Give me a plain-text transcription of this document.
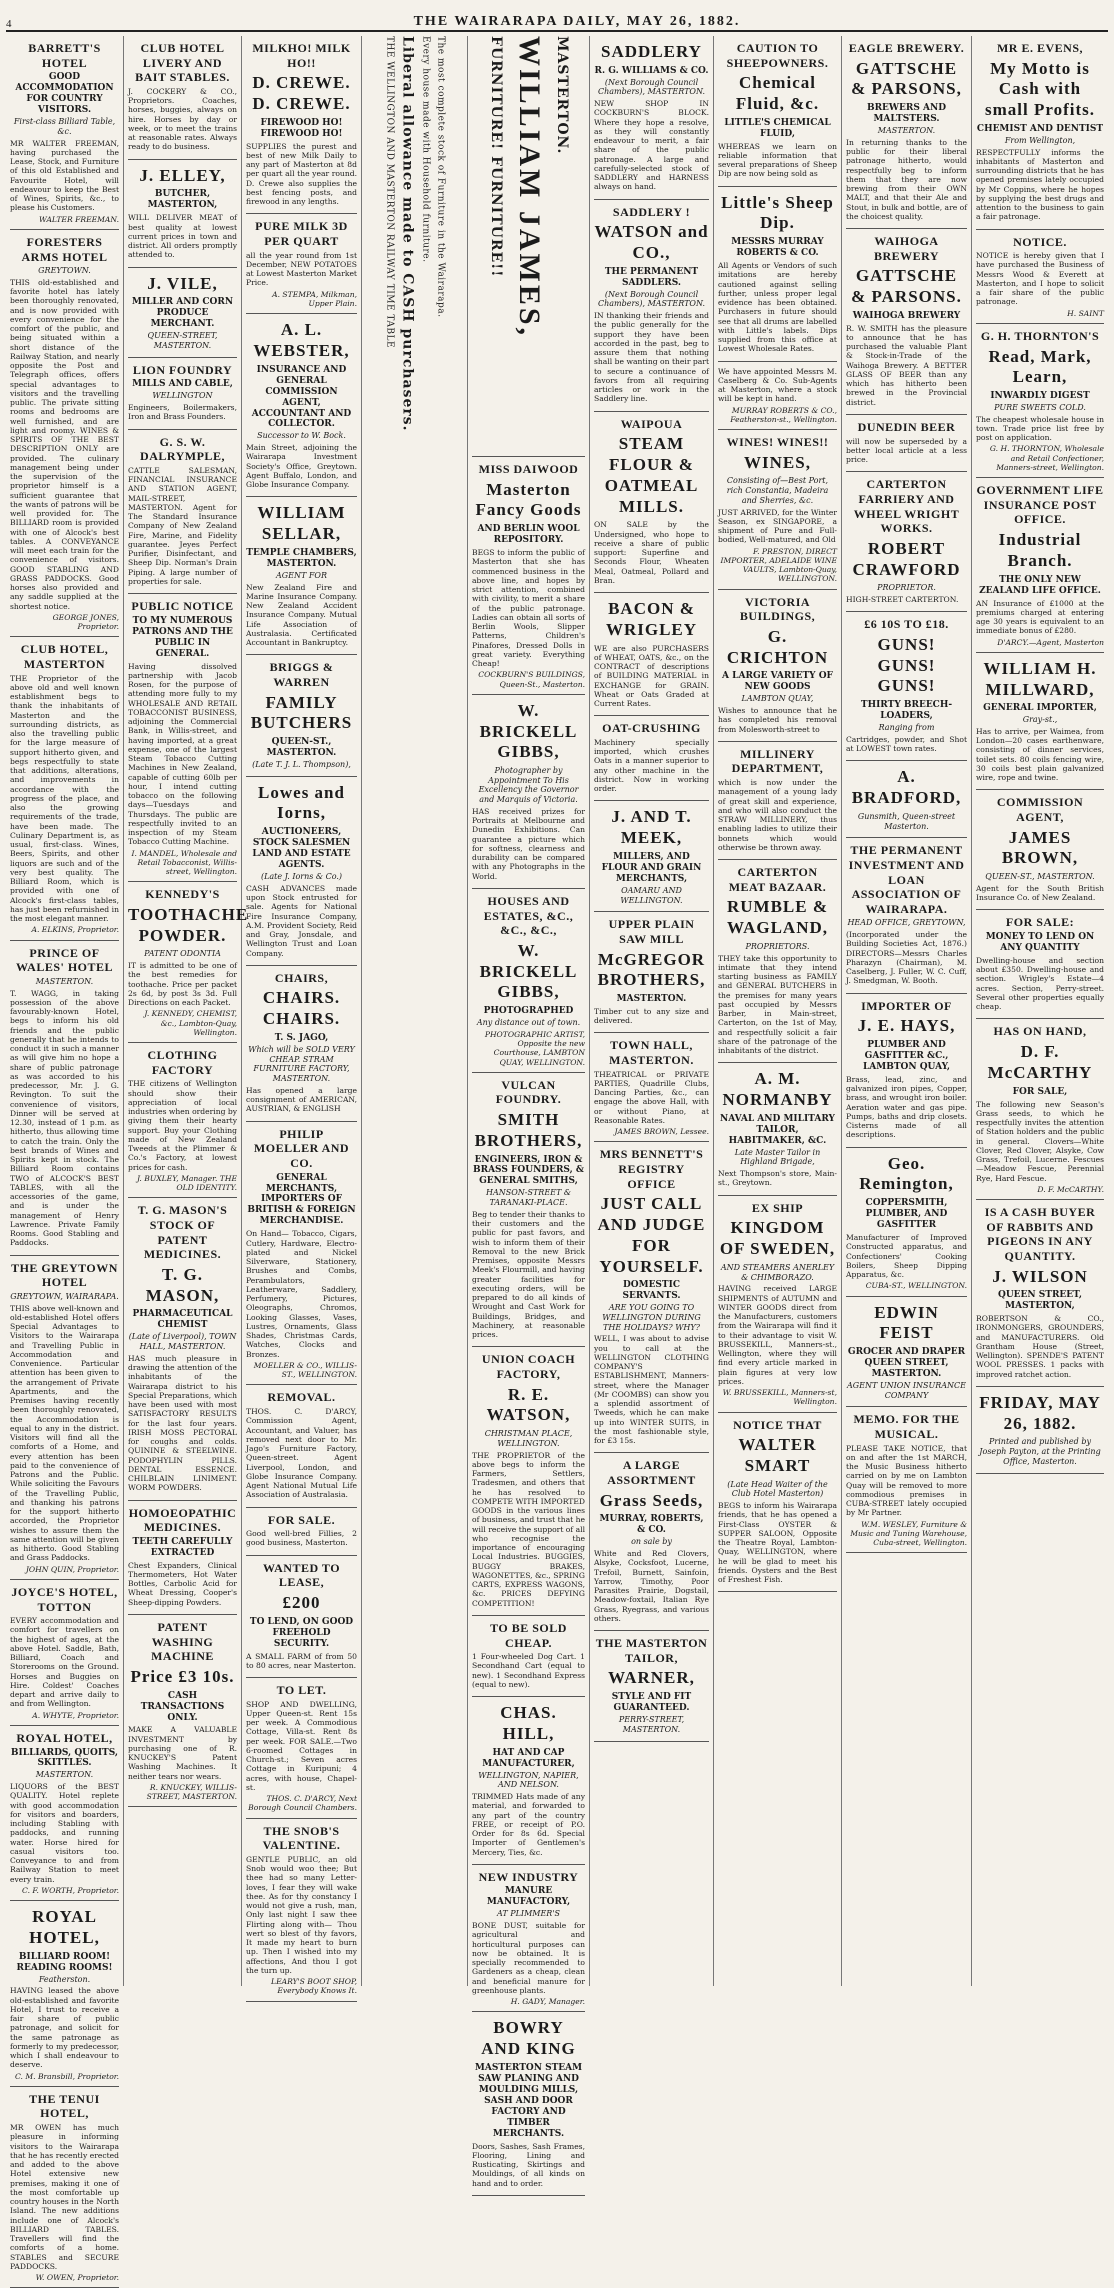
4	THE WAIRARAPA DAILY, MAY 26, 1882.
BARRETT'S HOTEL
GOOD ACCOMMODATION FOR COUNTRY VISITORS.
First-class Billiard Table, &c.
MR WALTER FREEMAN, having purchased the Lease, Stock, and Furniture of this old Established and Favourite Hotel, will endeavour to keep the Best of Wines, Spirits, &c., to please his Customers.
WALTER FREEMAN.
FORESTERS ARMS HOTEL
GREYTOWN.
THIS old-established and favorite hotel has lately been thoroughly renovated, and is now provided with every convenience for the comfort of the public, and being situated within a short distance of the Railway Station, and nearly opposite the Post and Telegraph offices, offers special advantages to visitors and the travelling public. The private sitting rooms and bedrooms are well furnished, and are light and roomy. WINES & SPIRITS OF THE BEST DESCRIPTION ONLY are provided. The culinary management being under the supervision of the proprietor himself is a sufficient guarantee that the wants of patrons will be well provided for. The BILLIARD room is provided with one of Alcock's best tables. A CONVEYANCE will meet each train for the convenience of visitors. GOOD STABLING AND GRASS PADDOCKS. Good horses also provided and any saddle supplied at the shortest notice.
GEORGE JONES, Proprietor.
CLUB HOTEL, MASTERTON
THE Proprietor of the above old and well known establishment begs to thank the inhabitants of Masterton and the surrounding districts, as also the travelling public for the large measure of support hitherto given, and begs respectfully to state that additions, alterations, and improvements in accordance with the progress of the place, and also the growing requirements of the trade, have been made. The Culinary Department is, as usual, first-class. Wines, Beers, Spirits, and other liquors are such and of the very best quality. The Billiard Room, which is provided with one of Alcock's first-class tables, has just been refurnished in the most elegant manner.
A. ELKINS, Proprietor.
PRINCE OF WALES' HOTEL
MASTERTON.
T. WAGG, in taking possession of the above favourably-known Hotel, begs to inform his old friends and the public generally that he intends to conduct it in such a manner as will give him no hope a share of public patronage as was accorded to his predecessor, Mr. J. G. Revington. To suit the convenience of visitors, Dinner will be served at 12.30, instead of 1 p.m. as hitherto, thus allowing time to catch the train. Only the best brands of Wines and Spirits kept in stock. The Billiard Room contains TWO of ALCOCK'S BEST TABLES, with all the accessories of the game, and is under the management of Henry Lawrence. Private Family Rooms. Good Stabling and Paddocks.
THE GREYTOWN HOTEL
GREYTOWN, WAIRARAPA.
THIS above well-known and old-established Hotel offers Special Advantages to Visitors to the Wairarapa and Travelling Public in Accommodation and Convenience. Particular attention has been given to the arrangement of Private Apartments, and the Premises having recently been thoroughly renovated, the Accommodation is equal to any in the district. Visitors will find all the comforts of a Home, and every attention has been paid to the convenience of Patrons and the Public. While soliciting the Favours of the Travelling Public, and thanking his patrons for the support hitherto accorded, the Proprietor wishes to assure them the same attention will be given as hitherto. Good Stabling and Grass Paddocks.
JOHN QUIN, Proprietor.
JOYCE'S HOTEL, TOTTON
EVERY accommodation and comfort for travellers on the highest of ages, at the above Hotel. Saddle, Bath, Billiard, Coach and Storerooms on the Ground. Horses and Buggies on Hire. Coldest' Coaches depart and arrive daily to and from Wellington.
A. WHYTE, Proprietor.
ROYAL HOTEL,
BILLIARDS, QUOITS, SKITTLES.
MASTERTON.
LIQUORS of the BEST QUALITY. Hotel replete with good accommodation for visitors and boarders, including Stabling with paddocks, and running water. Horse hired for casual visitors too. Conveyance to and from Railway Station to meet every train.
C. F. WORTH, Proprietor.
ROYAL HOTEL,
BILLIARD ROOM! READING ROOMS!
Featherston.
HAVING leased the above old-established and favorite Hotel, I trust to receive a fair share of public patronage, and solicit for the same patronage as formerly to my predecessor, which I shall endeavour to deserve.
C. M. Bransbill, Proprietor.
THE TENUI HOTEL,
MR OWEN has much pleasure in informing visitors to the Wairarapa that he has recently erected and added to the above Hotel extensive new premises, making it one of the most comfortable up country houses in the North Island. The new additions include one of Alcock's BILLIARD TABLES. Travellers will find the comforts of a home. STABLES and SECURE PADDOCKS.
W. OWEN, Proprietor.
CLUB HOTEL LIVERY AND BAIT STABLES.
J. COCKERY & CO., Proprietors. Coaches, horses, buggies, always on hire. Horses by day or week, or to meet the trains at reasonable rates. Always ready to do business.
J. ELLEY,
BUTCHER, MASTERTON,
WILL DELIVER MEAT of best quality at lowest current prices in town and district. All orders promptly attended to.
J. VILE,
MILLER AND CORN PRODUCE MERCHANT.
QUEEN-STREET, MASTERTON.
LION FOUNDRY
MILLS AND CABLE,
WELLINGTON
Engineers, Boilermakers, Iron and Brass Founders.
G. S. W. DALRYMPLE,
CATTLE SALESMAN, FINANCIAL INSURANCE AND STATION AGENT, MAIL-STREET, MASTERTON. Agent for The Standard Insurance Company of New Zealand Fire, Marine, and Fidelity guarantee. Jeyes Perfect Purifier, Disinfectant, and Sheep Dip. Norman's Drain Piping. A large number of properties for sale.
PUBLIC NOTICE
TO MY NUMEROUS PATRONS AND THE PUBLIC IN GENERAL.
Having dissolved partnership with Jacob Rosen, for the purpose of attending more fully to my WHOLESALE AND RETAIL TOBACCONIST BUSINESS, adjoining the Commercial Bank, in Willis-street, and having imported, at a great expense, one of the largest Steam Tobacco Cutting Machines in New Zealand, capable of cutting 60lb per hour, I intend cutting tobacco on the following days—Tuesdays and Thursdays. The public are respectfully invited to an inspection of my Steam Tobacco Cutting Machine.
I. MANDEL, Wholesale and Retail Tobacconist, Willis-street, Wellington.
KENNEDY'S
TOOTHACHE POWDER.
PATENT ODONTIA
IT is admitted to be one of the best remedies for toothache. Price per packet 2s 6d, by post 3s 3d. Full Directions on each Packet.
J. KENNEDY, CHEMIST, &c., Lambton-Quay, Wellington.
CLOTHING FACTORY
THE citizens of Wellington should show their appreciation of local industries when ordering by giving them their hearty support. Buy your Clothing made of New Zealand Tweeds at the Plimmer & Co.'s Factory, at lowest prices for cash.
J. BUXLEY, Manager. THE OLD IDENTITY.
T. G. MASON'S STOCK OF PATENT MEDICINES.
T. G. MASON,
PHARMACEUTICAL CHEMIST
(Late of Liverpool), TOWN HALL, MASTERTON.
HAS much pleasure in drawing the attention of the inhabitants of the Wairarapa district to his Special Preparations, which have been used with most SATISFACTORY RESULTS for the last four years. IRISH MOSS PECTORAL for coughs and colds. QUININE & STEELWINE. PODOPHYLIN PILLS. DENTAL ESSENCE. CHILBLAIN LINIMENT. WORM POWDERS.
HOMOEOPATHIC MEDICINES.
TEETH CAREFULLY EXTRACTED
Chest Expanders, Clinical Thermometers, Hot Water Bottles, Carbolic Acid for Wheat Dressing, Cooper's Sheep-dipping Powders.
PATENT WASHING MACHINE
Price £3 10s.
CASH TRANSACTIONS ONLY.
MAKE A VALUABLE INVESTMENT by purchasing one of R. KNUCKEY'S Patent Washing Machines. It neither tears nor wears.
R. KNUCKEY, WILLIS-STREET, MASTERTON.
MILKHO! MILK HO!!
D. CREWE. D. CREWE.
FIREWOOD HO! FIREWOOD HO!
SUPPLIES the purest and best of new Milk Daily to any part of Masterton at 8d per quart all the year round. D. Crewe also supplies the best fencing posts, and firewood in any lengths.
PURE MILK 3D PER QUART
all the year round from 1st December, NEW POTATOES at Lowest Masterton Market Price.
A. STEMPA, Milkman, Upper Plain.
A. L. WEBSTER,
INSURANCE AND GENERAL COMMISSION AGENT, ACCOUNTANT AND COLLECTOR.
Successor to W. Bock.
Main Street, adjoining the Wairarapa Investment Society's Office, Greytown. Agent Buffalo, London, and Globe Insurance Company.
WILLIAM SELLAR,
TEMPLE CHAMBERS, MASTERTON.
AGENT FOR
New Zealand Fire and Marine Insurance Company. New Zealand Accident Insurance Company. Mutual Life Association of Australasia. Certificated Accountant in Bankruptcy.
BRIGGS & WARREN
FAMILY BUTCHERS
QUEEN-ST., MASTERTON.
(Late T. J. L. Thompson),
Lowes and Iorns,
AUCTIONEERS, STOCK SALESMEN LAND AND ESTATE AGENTS.
(Late J. Iorns & Co.)
CASH ADVANCES made upon Stock entrusted for sale. Agents for National Fire Insurance Company, A.M. Provident Society, Reid and Gray, Jonsdale, and Wellington Trust and Loan Company.
CHAIRS,
CHAIRS. CHAIRS.
T. S. JAGO,
Which will be SOLD VERY CHEAP. STRAM FURNITURE FACTORY, MASTERTON.
Has opened a large consignment of AMERICAN, AUSTRIAN, & ENGLISH
PHILIP MOELLER AND CO.
GENERAL MERCHANTS, IMPORTERS OF BRITISH & FOREIGN MERCHANDISE.
On Hand— Tobacco, Cigars, Cutlery, Hardware, Electro-plated and Nickel Silverware, Stationery, Brushes and Combs, Perambulators, Leatherware, Saddlery, Perfumery, Pictures, Oleographs, Chromos, Looking Glasses, Vases, Lustres, Ornaments, Glass Shades, Christmas Cards, Watches, Clocks and Bronzes.
MOELLER & CO., WILLIS-ST., WELLINGTON.
REMOVAL.
THOS. C. D'ARCY, Commission Agent, Accountant, and Valuer, has removed next door to Mr. Jago's Furniture Factory, Queen-street. Agent Liverpool, London, and Globe Insurance Company. Agent National Mutual Life Association of Australasia.
FOR SALE.
Good well-bred Fillies, 2 good business, Masterton.
WANTED TO LEASE,
£200
TO LEND, ON GOOD FREEHOLD SECURITY.
A SMALL FARM of from 50 to 80 acres, near Masterton.
TO LET.
SHOP AND DWELLING, Upper Queen-st. Rent 15s per week. A Commodious Cottage, Villa-st. Rent 8s per week. FOR SALE.—Two 6-roomed Cottages in Church-st.; Seven acres Cottage in Kuripuni; 4 acres, with house, Chapel-st.
THOS. C. D'ARCY, Next Borough Council Chambers.
THE SNOB'S VALENTINE.
GENTLE PUBLIC, an old Snob would woo thee; But thee had so many Letter-loves, I fear they will wake thee. As for thy constancy I would not give a rush, man, Only last night I saw thee Flirting along with— Thou wert so blest of thy favors, It made my heart to burn up. Then I wished into my affections, And thou I got the turn up.
LEARY'S BOOT SHOP, Everybody Knows It.
THE WELLINGTON AND MASTERTON RAILWAY TIME TABLE Liberal allowance made to CASH purchasers. Every house made with Household furniture. The most complete stock of Furniture in the Wairarapa.	FURNITURE! FURNITURE!! WILLIAM JAMES, MASTERTON.
MISS DAIWOOD
Masterton Fancy Goods
AND BERLIN WOOL REPOSITORY.
BEGS to inform the public of Masterton that she has commenced business in the above line, and hopes by strict attention, combined with civility, to merit a share of the public patronage. Ladies can obtain all sorts of Berlin Wools, Slipper Patterns, Children's Pinafores, Dressed Dolls in great variety. Everything Cheap!
COCKBURN'S BUILDINGS, Queen-St., Masterton.
W. BRICKELL GIBBS,
Photographer by Appointment To His Excellency the Governor and Marquis of Victoria.
HAS received prizes for Portraits at Melbourne and Dunedin Exhibitions. Can guarantee a picture which for softness, clearness and durability can be compared with any Photographs in the World.
HOUSES AND ESTATES, &C., &C., &C.,
W. BRICKELL GIBBS,
PHOTOGRAPHED
Any distance out of town.
PHOTOGRAPHIC ARTIST, Opposite the new Courthouse, LAMBTON QUAY, WELLINGTON.
VULCAN FOUNDRY.
SMITH BROTHERS,
ENGINEERS, IRON & BRASS FOUNDERS, & GENERAL SMITHS,
HANSON-STREET & TARANAKI-PLACE.
Beg to tender their thanks to their customers and the public for past favors, and wish to inform them of their Removal to the new Brick Premises, opposite Messrs Meek's Flourmill, and having greater facilities for executing orders, will be prepared to do all kinds of Wrought and Cast Work for Buildings, Bridges, and Machinery, at reasonable prices.
UNION COACH FACTORY,
R. E. WATSON,
CHRISTMAN PLACE, WELLINGTON.
THE PROPRIETOR of the above begs to inform the Farmers, Settlers, Tradesmen, and others that he has resolved to COMPETE WITH IMPORTED GOODS in the various lines of business, and trust that he will receive the support of all who recognise the importance of encouraging Local Industries. BUGGIES, BUGGY BRAKES, WAGONETTES, &c., SPRING CARTS, EXPRESS WAGONS, &c. PRICES DEFYING COMPETITION!
TO BE SOLD CHEAP.
1 Four-wheeled Dog Cart. 1 Secondhand Cart (equal to new). 1 Secondhand Express (equal to new).
CHAS. HILL,
HAT AND CAP MANUFACTURER,
WELLINGTON, NAPIER, AND NELSON.
TRIMMED Hats made of any material, and forwarded to any part of the country FREE, or receipt of P.O. Order for 8s 6d. Special Importer of Gentlemen's Mercery, Ties, &c.
NEW INDUSTRY
MANURE MANUFACTORY,
AT PLIMMER'S
BONE DUST, suitable for agricultural and horticultural purposes can now be obtained. It is specially recommended to Gardeners as a cheap, clean and beneficial manure for greenhouse plants.
H. GADY, Manager.
BOWRY AND KING
MASTERTON STEAM SAW PLANING AND MOULDING MILLS, SASH AND DOOR FACTORY AND TIMBER MERCHANTS.
Doors, Sashes, Sash Frames, Flooring, Lining and Rusticating, Skirtings and Mouldings, of all kinds on hand and to order.
SADDLERY
R. G. WILLIAMS & CO.
(Next Borough Council Chambers), MASTERTON.
NEW SHOP IN COCKBURN'S BLOCK. Where they hope a resolve, as they will constantly endeavour to merit, a fair share of the public patronage. A large and carefully-selected stock of SADDLERY and HARNESS always on hand.
SADDLERY !
WATSON and CO.,
THE PERMANENT SADDLERS.
(Next Borough Council Chambers), MASTERTON.
IN thanking their friends and the public generally for the support they have been accorded in the past, beg to assure them that nothing shall be wanting on their part to secure a continuance of favors from all requiring articles or work in the Saddlery line.
WAIPOUA
STEAM FLOUR & OATMEAL MILLS.
ON SALE by the Undersigned, who hope to receive a share of public support: Superfine and Seconds Flour, Wheaten Meal, Oatmeal, Pollard and Bran.
BACON & WRIGLEY
WE are also PURCHASERS of WHEAT, OATS, &c., on the CONTRACT of descriptions of BUILDING MATERIAL in EXCHANGE for GRAIN. Wheat or Oats Graded at Current Rates.
OAT-CRUSHING
Machinery specially imported, which crushes Oats in a manner superior to any other machine in the district. Now in working order.
J. AND T. MEEK,
MILLERS, AND FLOUR AND GRAIN MERCHANTS,
OAMARU AND WELLINGTON.
UPPER PLAIN SAW MILL
McGREGOR BROTHERS,
MASTERTON.
Timber cut to any size and delivered.
TOWN HALL, MASTERTON.
THEATRICAL or PRIVATE PARTIES, Quadrille Clubs, Dancing Parties, &c., can engage the above Hall, with or without Piano, at Reasonable Rates.
JAMES BROWN, Lessee.
MRS BENNETT'S REGISTRY OFFICE
JUST CALL AND JUDGE FOR YOURSELF.
DOMESTIC SERVANTS.
ARE YOU GOING TO WELLINGTON DURING THE HOLIDAYS? WHY?
WELL, I was about to advise you to call at the WELLINGTON CLOTHING COMPANY'S ESTABLISHMENT, Manners-street, where the Manager (Mr COOMBS) can show you a splendid assortment of Tweeds, which he can make up into WINTER SUITS, in the most fashionable style, for £3 15s.
A LARGE ASSORTMENT
Grass Seeds,
MURRAY, ROBERTS, & CO.
on sale by
White and Red Clovers, Alsyke, Cocksfoot, Lucerne, Trefoil, Burnett, Sainfoin, Yarrow, Timothy, Poor Parasites Prairie, Dogstail, Meadow-foxtail, Italian Rye Grass, Ryegrass, and various others.
THE MASTERTON TAILOR,
WARNER,
STYLE AND FIT GUARANTEED.
PERRY-STREET, MASTERTON.
CAUTION TO SHEEPOWNERS.
Chemical Fluid, &c.
LITTLE'S CHEMICAL FLUID,
WHEREAS we learn on reliable information that several preparations of Sheep Dip are now being sold as
Little's Sheep Dip.
MESSRS MURRAY ROBERTS & CO.
All Agents or Vendors of such imitations are hereby cautioned against selling further, unless proper legal evidence has been obtained. Purchasers in future should see that all drums are labelled with Little's labels. Dips supplied from this office at Lowest Wholesale Rates.
We have appointed Messrs M. Caselberg & Co. Sub-Agents at Masterton, where a stock will be kept in hand.
MURRAY ROBERTS & CO., Featherston-st., Wellington.
WINES! WINES!!
WINES,
Consisting of—Best Port, rich Constantia, Madeira and Sherries, &c.
JUST ARRIVED, for the Winter Season, ex SINGAPORE, a shipment of Pure and Full-bodied, Well-matured, and Old
F. PRESTON, DIRECT IMPORTER, ADELAIDE WINE VAULTS, Lambton-Quay, WELLINGTON.
VICTORIA BUILDINGS,
G. CRICHTON
A LARGE VARIETY OF NEW GOODS
LAMBTON QUAY,
Wishes to announce that he has completed his removal from Molesworth-street to
MILLINERY DEPARTMENT,
which is now under the management of a young lady of great skill and experience, and who will also conduct the STRAW MILLINERY, thus enabling ladies to utilize their bonnets which would otherwise be thrown away.
CARTERTON MEAT BAZAAR.
RUMBLE & WAGLAND,
PROPRIETORS.
THEY take this opportunity to intimate that they intend starting business as FAMILY and GENERAL BUTCHERS in the premises for many years past occupied by Messrs Barber, in Main-street, Carterton, on the 1st of May, and respectfully solicit a fair share of the patronage of the inhabitants of the district.
A. M. NORMANBY
NAVAL AND MILITARY TAILOR, HABITMAKER, &C.
Late Master Tailor in Highland Brigade,
Next Thompson's store, Main-st., Greytown.
EX SHIP
KINGDOM OF SWEDEN,
AND STEAMERS ANERLEY & CHIMBORAZO.
HAVING received LARGE SHIPMENTS of AUTUMN and WINTER GOODS direct from the Manufacturers, customers from the Wairarapa will find it to their advantage to visit W. BRUSSEKILL, Manners-st., Wellington, where they will find every article marked in plain figures at very low prices.
W. BRUSSEKILL, Manners-st, Wellington.
NOTICE THAT
WALTER SMART
(Late Head Waiter of the Club Hotel Masterton)
BEGS to inform his Wairarapa friends, that he has opened a First-Class OYSTER & SUPPER SALOON, Opposite the Theatre Royal, Lambton-Quay, WELLINGTON, where he will be glad to meet his friends. Oysters and the Best of Freshest Fish.
EAGLE BREWERY.
GATTSCHE & PARSONS,
BREWERS AND MALTSTERS.
MASTERTON.
In returning thanks to the public for their liberal patronage hitherto, would respectfully beg to inform them that they are now brewing from their OWN MALT, and that their Ale and Stout, in bulk and bottle, are of the choicest quality.
WAIHOGA BREWERY
GATTSCHE & PARSONS.
WAIHOGA BREWERY
R. W. SMITH has the pleasure to announce that he has purchased the valuable Plant & Stock-in-Trade of the Waihoga Brewery. A BETTER GLASS OF BEER than any which has hitherto been brewed in the Provincial district.
DUNEDIN BEER
will now be superseded by a better local article at a less price.
CARTERTON FARRIERY AND WHEEL WRIGHT WORKS.
ROBERT CRAWFORD
PROPRIETOR.
HIGH-STREET CARTERTON.
£6 10S TO £18.
GUNS! GUNS! GUNS!
THIRTY BREECH-LOADERS,
Ranging from
Cartridges, powder, and Shot at LOWEST town rates.
A. BRADFORD,
Gunsmith, Queen-street Masterton.
THE PERMANENT INVESTMENT AND LOAN ASSOCIATION OF WAIRARAPA.
HEAD OFFICE, GREYTOWN,
(Incorporated under the Building Societies Act, 1876.) DIRECTORS—Messrs Charles Pharazyn (Chairman), M. Caselberg, J. Fuller, W. C. Cuff, J. Smedgman, W. Booth.
IMPORTER OF
J. E. HAYS,
PLUMBER AND GASFITTER &C., LAMBTON QUAY,
Brass, lead, zinc, and galvanized iron pipes, Copper, brass, and wrought iron boiler. Aeration water and gas pipe. Pumps, baths and drip closets. Cisterns made of all descriptions.
Geo. Remington,
COPPERSMITH, PLUMBER, AND GASFITTER
Manufacturer of Improved Constructed apparatus, and Confectioners' Cooking Boilers, Sheep Dipping Apparatus, &c.
CUBA-ST., WELLINGTON.
EDWIN FEIST
GROCER AND DRAPER QUEEN STREET, MASTERTON.
AGENT UNION INSURANCE COMPANY
MEMO. FOR THE MUSICAL.
PLEASE TAKE NOTICE, that on and after the 1st MARCH, the Music Business hitherto carried on by me on Lambton Quay will be removed to more commodious premises in CUBA-STREET lately occupied by Mr Partner.
W.M. WESLEY, Furniture & Music and Tuning Warehouse, Cuba-street, Wellington.
MR E. EVENS,
My Motto is Cash with small Profits.
CHEMIST AND DENTIST
From Wellington,
RESPECTFULLY informs the inhabitants of Masterton and surrounding districts that he has opened premises lately occupied by Mr Coppins, where he hopes by supplying the best drugs and attention to the business to gain a fair patronage.
NOTICE.
NOTICE is hereby given that I have purchased the Business of Messrs Wood & Everett at Masterton, and I hope to solicit a fair share of the public patronage.
H. SAINT
G. H. THORNTON'S
Read, Mark, Learn,
INWARDLY DIGEST
PURE SWEETS COLD.
The cheapest wholesale house in town. Trade price list free by post on application.
G. H. THORNTON, Wholesale and Retail Confectioner, Manners-street, Wellington.
GOVERNMENT LIFE INSURANCE POST OFFICE.
Industrial Branch.
THE ONLY NEW ZEALAND LIFE OFFICE.
AN Insurance of £1000 at the premiums charged at entering age 30 years is equivalent to an immediate bonus of £280.
D'ARCY.—Agent, Masterton
WILLIAM H. MILLWARD,
GENERAL IMPORTER,
Gray-st.,
Has to arrive, per Waimea, from London—20 cases earthenware, consisting of dinner services, toilet sets. 80 coils fencing wire, 30 coils best plain galvanized wire, rope and twine.
COMMISSION AGENT,
JAMES BROWN,
QUEEN-ST., MASTERTON.
Agent for the South British Insurance Co. of New Zealand.
FOR SALE:
MONEY TO LEND ON ANY QUANTITY
Dwelling-house and section about £350. Dwelling-house and section. Wrigley's Estate—4 acres. Section, Perry-street. Several other properties equally cheap.
HAS ON HAND,
D. F. McCARTHY
FOR SALE,
The following new Season's Grass seeds, to which he respectfully invites the attention of Station holders and the public in general. Clovers—White Clover, Red Clover, Alsyke, Cow Grass, Trefoil, Lucerne. Fescues—Meadow Fescue, Perennial Rye, Hard Fescue.
D. F. McCARTHY.
IS A CASH BUYER OF RABBITS AND PIGEONS IN ANY QUANTITY.
J. WILSON
QUEEN STREET, MASTERTON,
ROBERTSON & CO., IRONMONGERS, GROUNDERS, and MANUFACTURERS. Old Grantham House (Street, Wellington). SPENDE'S PATENT WOOL PRESSES. 1 packs with improved ratchet action.
FRIDAY, MAY 26, 1882.
Printed and published by Joseph Payton, at the Printing Office, Masterton.
